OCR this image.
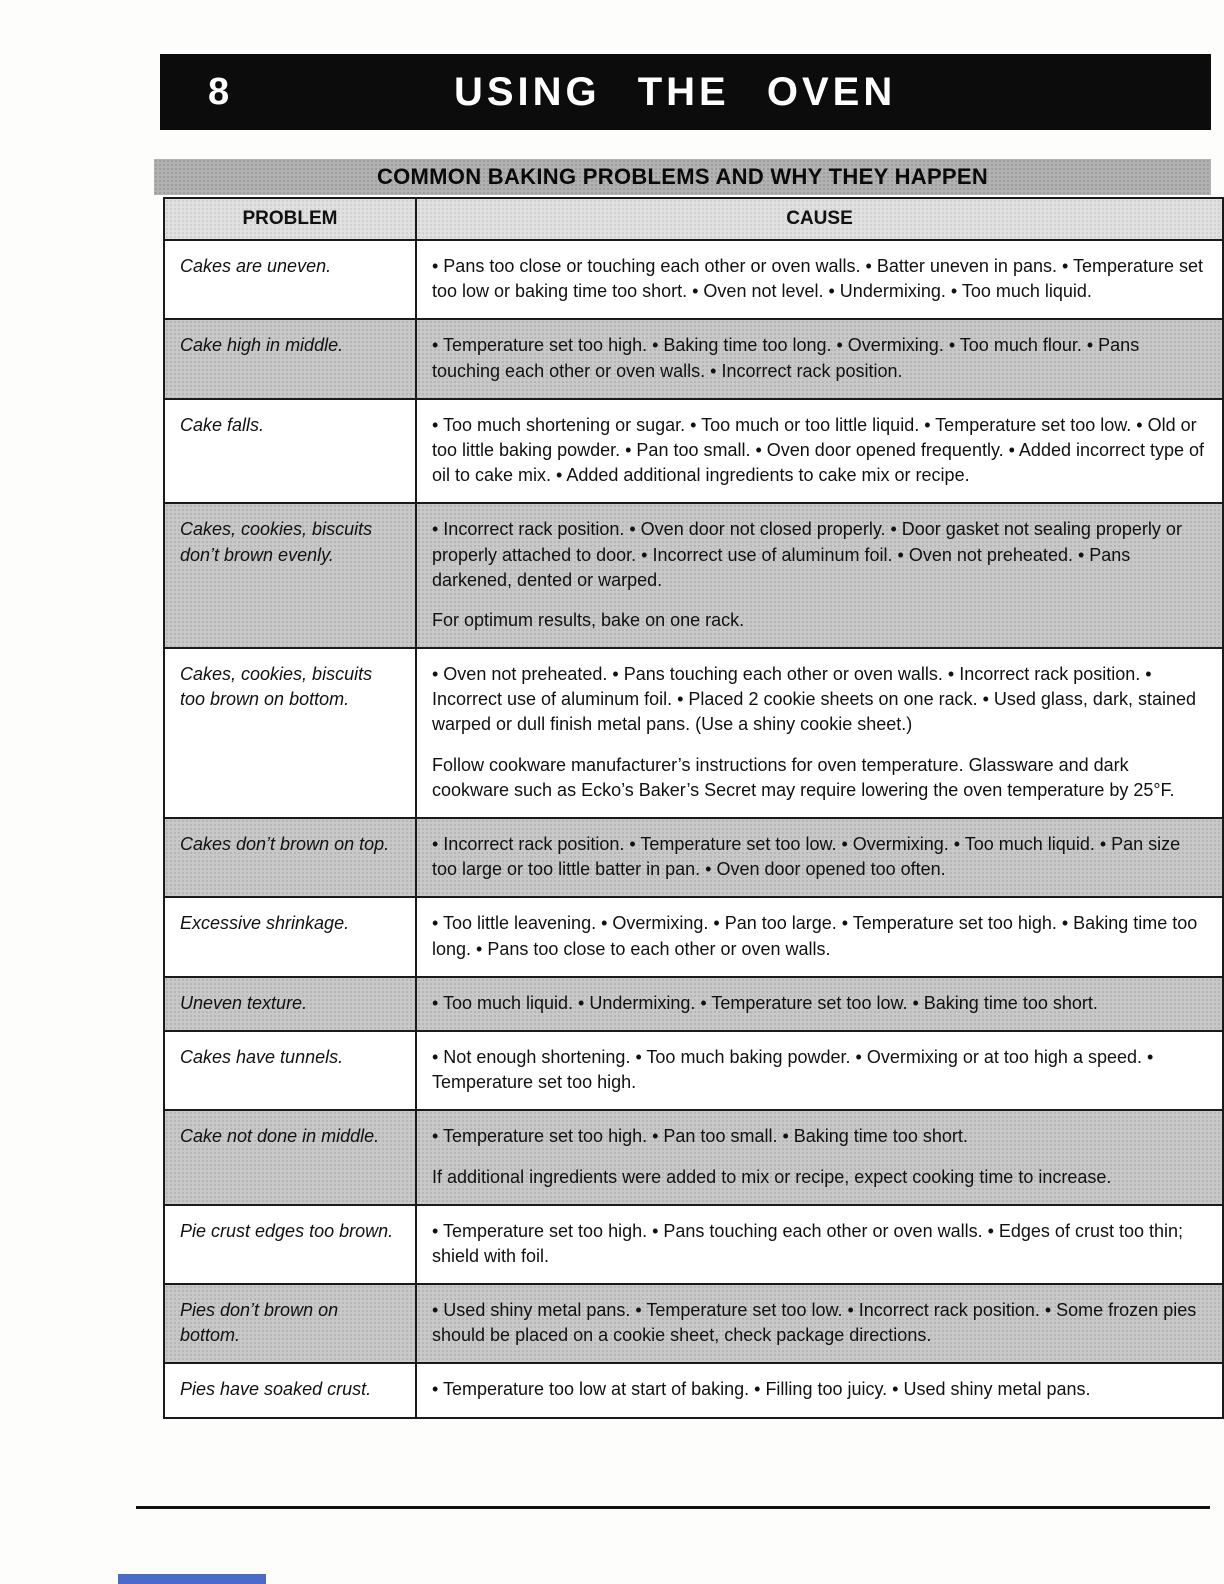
8	USING THE OVEN
COMMON BAKING PROBLEMS AND WHY THEY HAPPEN
PROBLEM	CAUSE
Cakes are uneven.	• Pans too close or touching each other or oven walls. • Batter uneven in pans. • Temperature set too low or baking time too short. • Oven not level. • Undermixing. • Too much liquid.

Cake high in middle.	• Temperature set too high. • Baking time too long. • Overmixing. • Too much flour. • Pans touching each other or oven walls. • Incorrect rack position.

Cake falls.	• Too much shortening or sugar. • Too much or too little liquid. • Temperature set too low. • Old or too little baking powder. • Pan too small. • Oven door opened frequently. • Added incorrect type of oil to cake mix. • Added additional ingredients to cake mix or recipe.

Cakes, cookies, biscuits don’t brown evenly.	• Incorrect rack position. • Oven door not closed properly. • Door gasket not sealing properly or properly attached to door. • Incorrect use of aluminum foil. • Oven not preheated. • Pans darkened, dented or warped.

For optimum results, bake on one rack.

Cakes, cookies, biscuits too brown on bottom.	• Oven not preheated. • Pans touching each other or oven walls. • Incorrect rack position. • Incorrect use of aluminum foil. • Placed 2 cookie sheets on one rack. • Used glass, dark, stained warped or dull finish metal pans. (Use a shiny cookie sheet.)

Follow cookware manufacturer’s instructions for oven temperature. Glassware and dark cookware such as Ecko’s Baker’s Secret may require lowering the oven temperature by 25°F.

Cakes don’t brown on top.	• Incorrect rack position. • Temperature set too low. • Overmixing. • Too much liquid. • Pan size too large or too little batter in pan. • Oven door opened too often.

Excessive shrinkage.	• Too little leavening. • Overmixing. • Pan too large. • Temperature set too high. • Baking time too long. • Pans too close to each other or oven walls.

Uneven texture.	• Too much liquid. • Undermixing. • Temperature set too low. • Baking time too short.

Cakes have tunnels.	• Not enough shortening. • Too much baking powder. • Overmixing or at too high a speed. • Temperature set too high.

Cake not done in middle.	• Temperature set too high. • Pan too small. • Baking time too short.

If additional ingredients were added to mix or recipe, expect cooking time to increase.

Pie crust edges too brown.	• Temperature set too high. • Pans touching each other or oven walls. • Edges of crust too thin; shield with foil.

Pies don’t brown on bottom.	• Used shiny metal pans. • Temperature set too low. • Incorrect rack position. • Some frozen pies should be placed on a cookie sheet, check package directions.

Pies have soaked crust.	• Temperature too low at start of baking. • Filling too juicy. • Used shiny metal pans.
